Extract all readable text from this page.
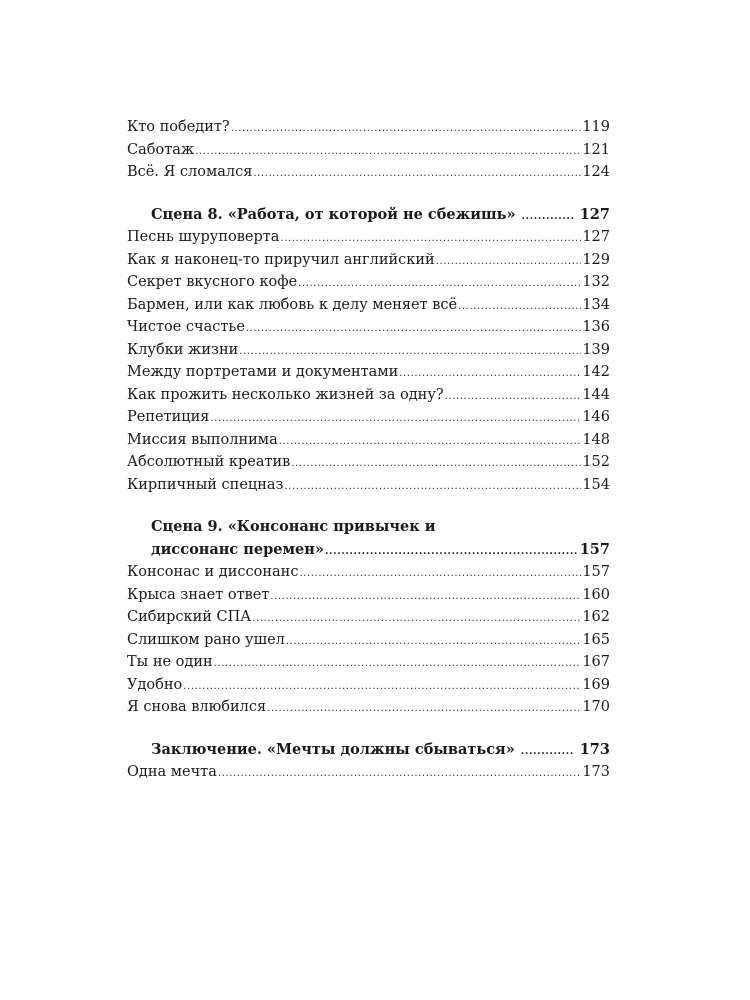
Кто победит? .....	119
Саботаж .....	121
Всё. Я сломался .....	124
Сцена 8. «Работа, от которой не сбежишь» .....	127
Песнь шуруповерта .....	127
Как я наконец-то приручил английский .....	129
Секрет вкусного кофе .....	132
Бармен, или как любовь к делу меняет всё .....	134
Чистое счастье .....	136
Клубки жизни .....	139
Между портретами и документами .....	142
Как прожить несколько жизней за одну? .....	144
Репетиция .....	146
Миссия выполнима .....	148
Абсолютный креатив .....	152
Кирпичный спецназ .....	154
Сцена 9. «Консонанс привычек и
диссонанс перемен» .....	157
Консонас и диссонанс .....	157
Крыса знает ответ .....	160
Сибирский СПА .....	162
Слишком рано ушел .....	165
Ты не один .....	167
Удобно .....	169
Я снова влюбился .....	170
Заключение. «Мечты должны сбываться» .....	173
Одна мечта .....	173
